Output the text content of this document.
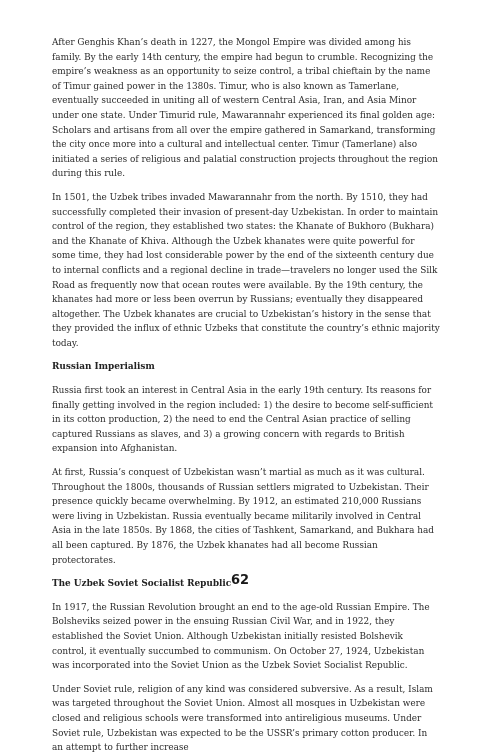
After Genghis Khan’s death in 1227, the Mongol Empire was divided among his family. By the early 14th century, the empire had begun to crumble. Recognizing the empire’s weakness as an opportunity to seize control, a tribal chieftain by the name of Timur gained power in the 1380s. Timur, who is also known as Tamerlane, eventually succeeded in uniting all of western Central Asia, Iran, and Asia Minor under one state. Under Timurid rule, Mawarannahr experienced its final golden age: Scholars and artisans from all over the empire gathered in Samarkand, transforming the city once more into a cultural and intellectual center. Timur (Tamerlane) also initiated a series of religious and palatial construction projects throughout the region during this rule.

In 1501, the Uzbek tribes invaded Mawarannahr from the north. By 1510, they had successfully completed their invasion of present-day Uzbekistan. In order to maintain control of the region, they established two states: the Khanate of Bukhoro (Bukhara) and the Khanate of Khiva. Although the Uzbek khanates were quite powerful for some time, they had lost considerable power by the end of the sixteenth century due to internal conflicts and a regional decline in trade—travelers no longer used the Silk Road as frequently now that ocean routes were available. By the 19th century, the khanates had more or less been overrun by Russians; eventually they disappeared altogether. The Uzbek khanates are crucial to Uzbekistan’s history in the sense that they provided the influx of ethnic Uzbeks that constitute the country’s ethnic majority today.

Russian Imperialism

Russia first took an interest in Central Asia in the early 19th century. Its reasons for finally getting involved in the region included: 1) the desire to become self-sufficient in its cotton production, 2) the need to end the Central Asian practice of selling captured Russians as slaves, and 3) a growing concern with regards to British expansion into Afghanistan.

At first, Russia’s conquest of Uzbekistan wasn’t martial as much as it was cultural. Throughout the 1800s, thousands of Russian settlers migrated to Uzbekistan. Their presence quickly became overwhelming. By 1912, an estimated 210,000 Russians were living in Uzbekistan. Russia eventually became militarily involved in Central Asia in the late 1850s. By 1868, the cities of Tashkent, Samarkand, and Bukhara had all been captured. By 1876, the Uzbek khanates had all become Russian protectorates.

The Uzbek Soviet Socialist Republic

In 1917, the Russian Revolution brought an end to the age-old Russian Empire. The Bolsheviks seized power in the ensuing Russian Civil War, and in 1922, they established the Soviet Union. Although Uzbekistan initially resisted Bolshevik control, it eventually succumbed to communism. On October 27, 1924, Uzbekistan was incorporated into the Soviet Union as the Uzbek Soviet Socialist Republic.

Under Soviet rule, religion of any kind was considered subversive. As a result, Islam was targeted throughout the Soviet Union. Almost all mosques in Uzbekistan were closed and religious schools were transformed into antireligious museums. Under Soviet rule, Uzbekistan was expected to be the USSR’s primary cotton producer. In an attempt to further increase

62
